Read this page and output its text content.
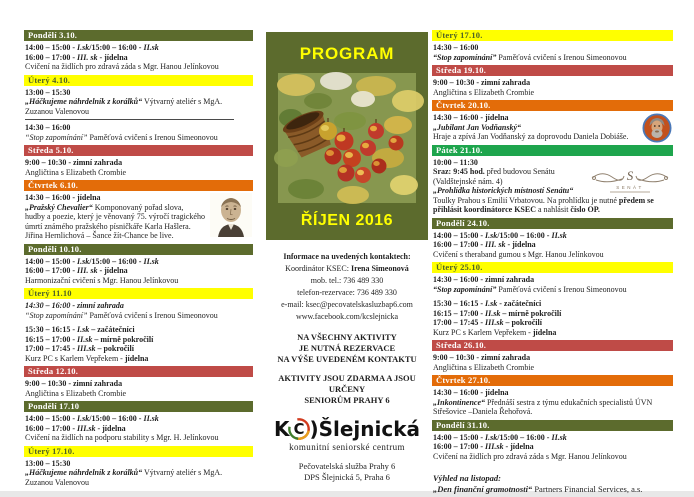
Pondělí 3.10.
14:00 – 15:00 - I.sk/15:00 – 16:00 - II.sk
16:00 – 17:00 - III. sk - jídelna
Cvičení na židlích pro zdravá záda s Mgr. Hanou Jelínkovou
Úterý 4.10.
13:00 – 15:30
„Háčkujeme náhrdelník z korálků“ Výtvarný ateliér s MgA. Zuzanou Valenovou
14:30 – 16:00
“Stop zapomínání” Paměťová cvičení s Irenou Simeonovou
Středa 5.10.
9:00 – 10:30 - zimní zahrada
Angličtina s Elizabeth Crombie
Čtvrtek 6.10.
14:30 – 16:00 - jídelna
„Pražský Chevalier“ Komponovaný pořad slova, hudby a poezie, který je věnovaný 75. výročí tragického úmrtí známého pražského písničkáře Karla Hašlera.
Jiřina Hernlichová – Šance žít-Chance be live.
Pondělí 10.10.
14:00 – 15:00 - I.sk/15:00 – 16:00 - II.sk
16:00 – 17:00 - III. sk - jídelna
Harmonizační cvičení s Mgr. Hanou Jelínkovou
Úterý 11.10
14:30 – 16:00 - zimní zahrada
“Stop zapomínání” Paměťová cvičení s Irenou Simeonovou
15:30 – 16:15 - I.sk – začátečníci
16:15 – 17:00 - II.sk – mírně pokročilí
17:00 – 17:45 - III.sk – pokročilí
Kurz PC s Karlem Vepřekem - jídelna
Středa 12.10.
9:00 – 10:30 - zimní zahrada
Angličtina s Elizabeth Crombie
Pondělí 17.10
14:00 – 15:00 - I.sk/15:00 – 16:00 - II.sk
16:00 – 17:00 - III.sk - jídelna
Cvičení na židlích na podporu stability s Mgr. H. Jelínkovou
Úterý 17.10.
13:00 – 15:30
„Háčkujeme náhrdelník z korálků“ Výtvarný ateliér s MgA. Zuzanou Valenovou
PROGRAM
ŘÍJEN 2016
Informace na uvedených kontaktech:
Koordinátor KSEC: Irena Simeonová
mob. tel.: 736 489 330
telefon-rezervace: 736 489 330
e-mail: ksec@pecovatelskasluzbap6.com
www.facebook.com/kcslejnicka
NA VŠECHNY AKTIVITY
JE NUTNÁ REZERVACE
NA VÝŠE UVEDENÉM KONTAKTU
AKTIVITY JSOU ZDARMA A JSOU URČENY
SENIORŮM PRAHY 6
K C )Šlejnická
komunitní seniorské centrum
Pečovatelská služba Prahy 6
DPS Šlejnická 5, Praha 6
Úterý 17.10.
14:30 – 16:00
“Stop zapomínání” Paměťová cvičení s Irenou Simeonovou
Středa 19.10.
9:00 – 10:30 - zimní zahrada
Angličtina s Elizabeth Crombie
Čtvrtek 20.10.
14:30 – 16:00 - jídelna
„Jubilant Jan Vodňanský“
Hraje a zpívá Jan Vodňanský za doprovodu Daniela Dobiáše.
Pátek 21.10.
S
SENÁT
10:00 – 11:30
Sraz: 9:45 hod. před budovou Senátu
(Valdštejnské nám. 4)
„Prohlídka historických místností Senátu“ Toulky Prahou s Emilií Vrbatovou. Na prohlídku je nutné předem se přihlásit koordinátorce KSEC a nahlásit číslo OP.
Pondělí 24.10.
14:00 – 15:00 - I.sk/15:00 – 16:00 - II.sk
16:00 – 17:00 - III. sk - jídelna
Cvičení s theraband gumou s Mgr. Hanou Jelínkovou
Úterý 25.10.
14:30 – 16:00 - zimní zahrada
“Stop zapomínání” Paměťová cvičení s Irenou Simeonovou
15:30 – 16:15 - I.sk - začátečníci
16:15 – 17:00 - II.sk – mírně pokročilí
17:00 – 17:45 - III.sk – pokročilí
Kurz PC s Karlem Vepřekem - jídelna
Středa 26.10.
9:00 – 10:30 - zimní zahrada
Angličtina s Elizabeth Crombie
Čtvrtek 27.10.
14:30 – 16:00 - jídelna
„Inkontinence“ Přednáší sestra z týmu edukačních specialistů ÚVN Střešovice –Daniela Řehořová.
Pondělí 31.10.
14:00 – 15:00 - I.sk/15:00 – 16:00 - II.sk
16:00 – 17:00 - III.sk - jídelna
Cvičení na židlích pro zdravá záda s Mgr. Hanou Jelínkovou
Výhled na listopad:
„Den finanční gramotnosti“ Partners Financial Services, a.s.
